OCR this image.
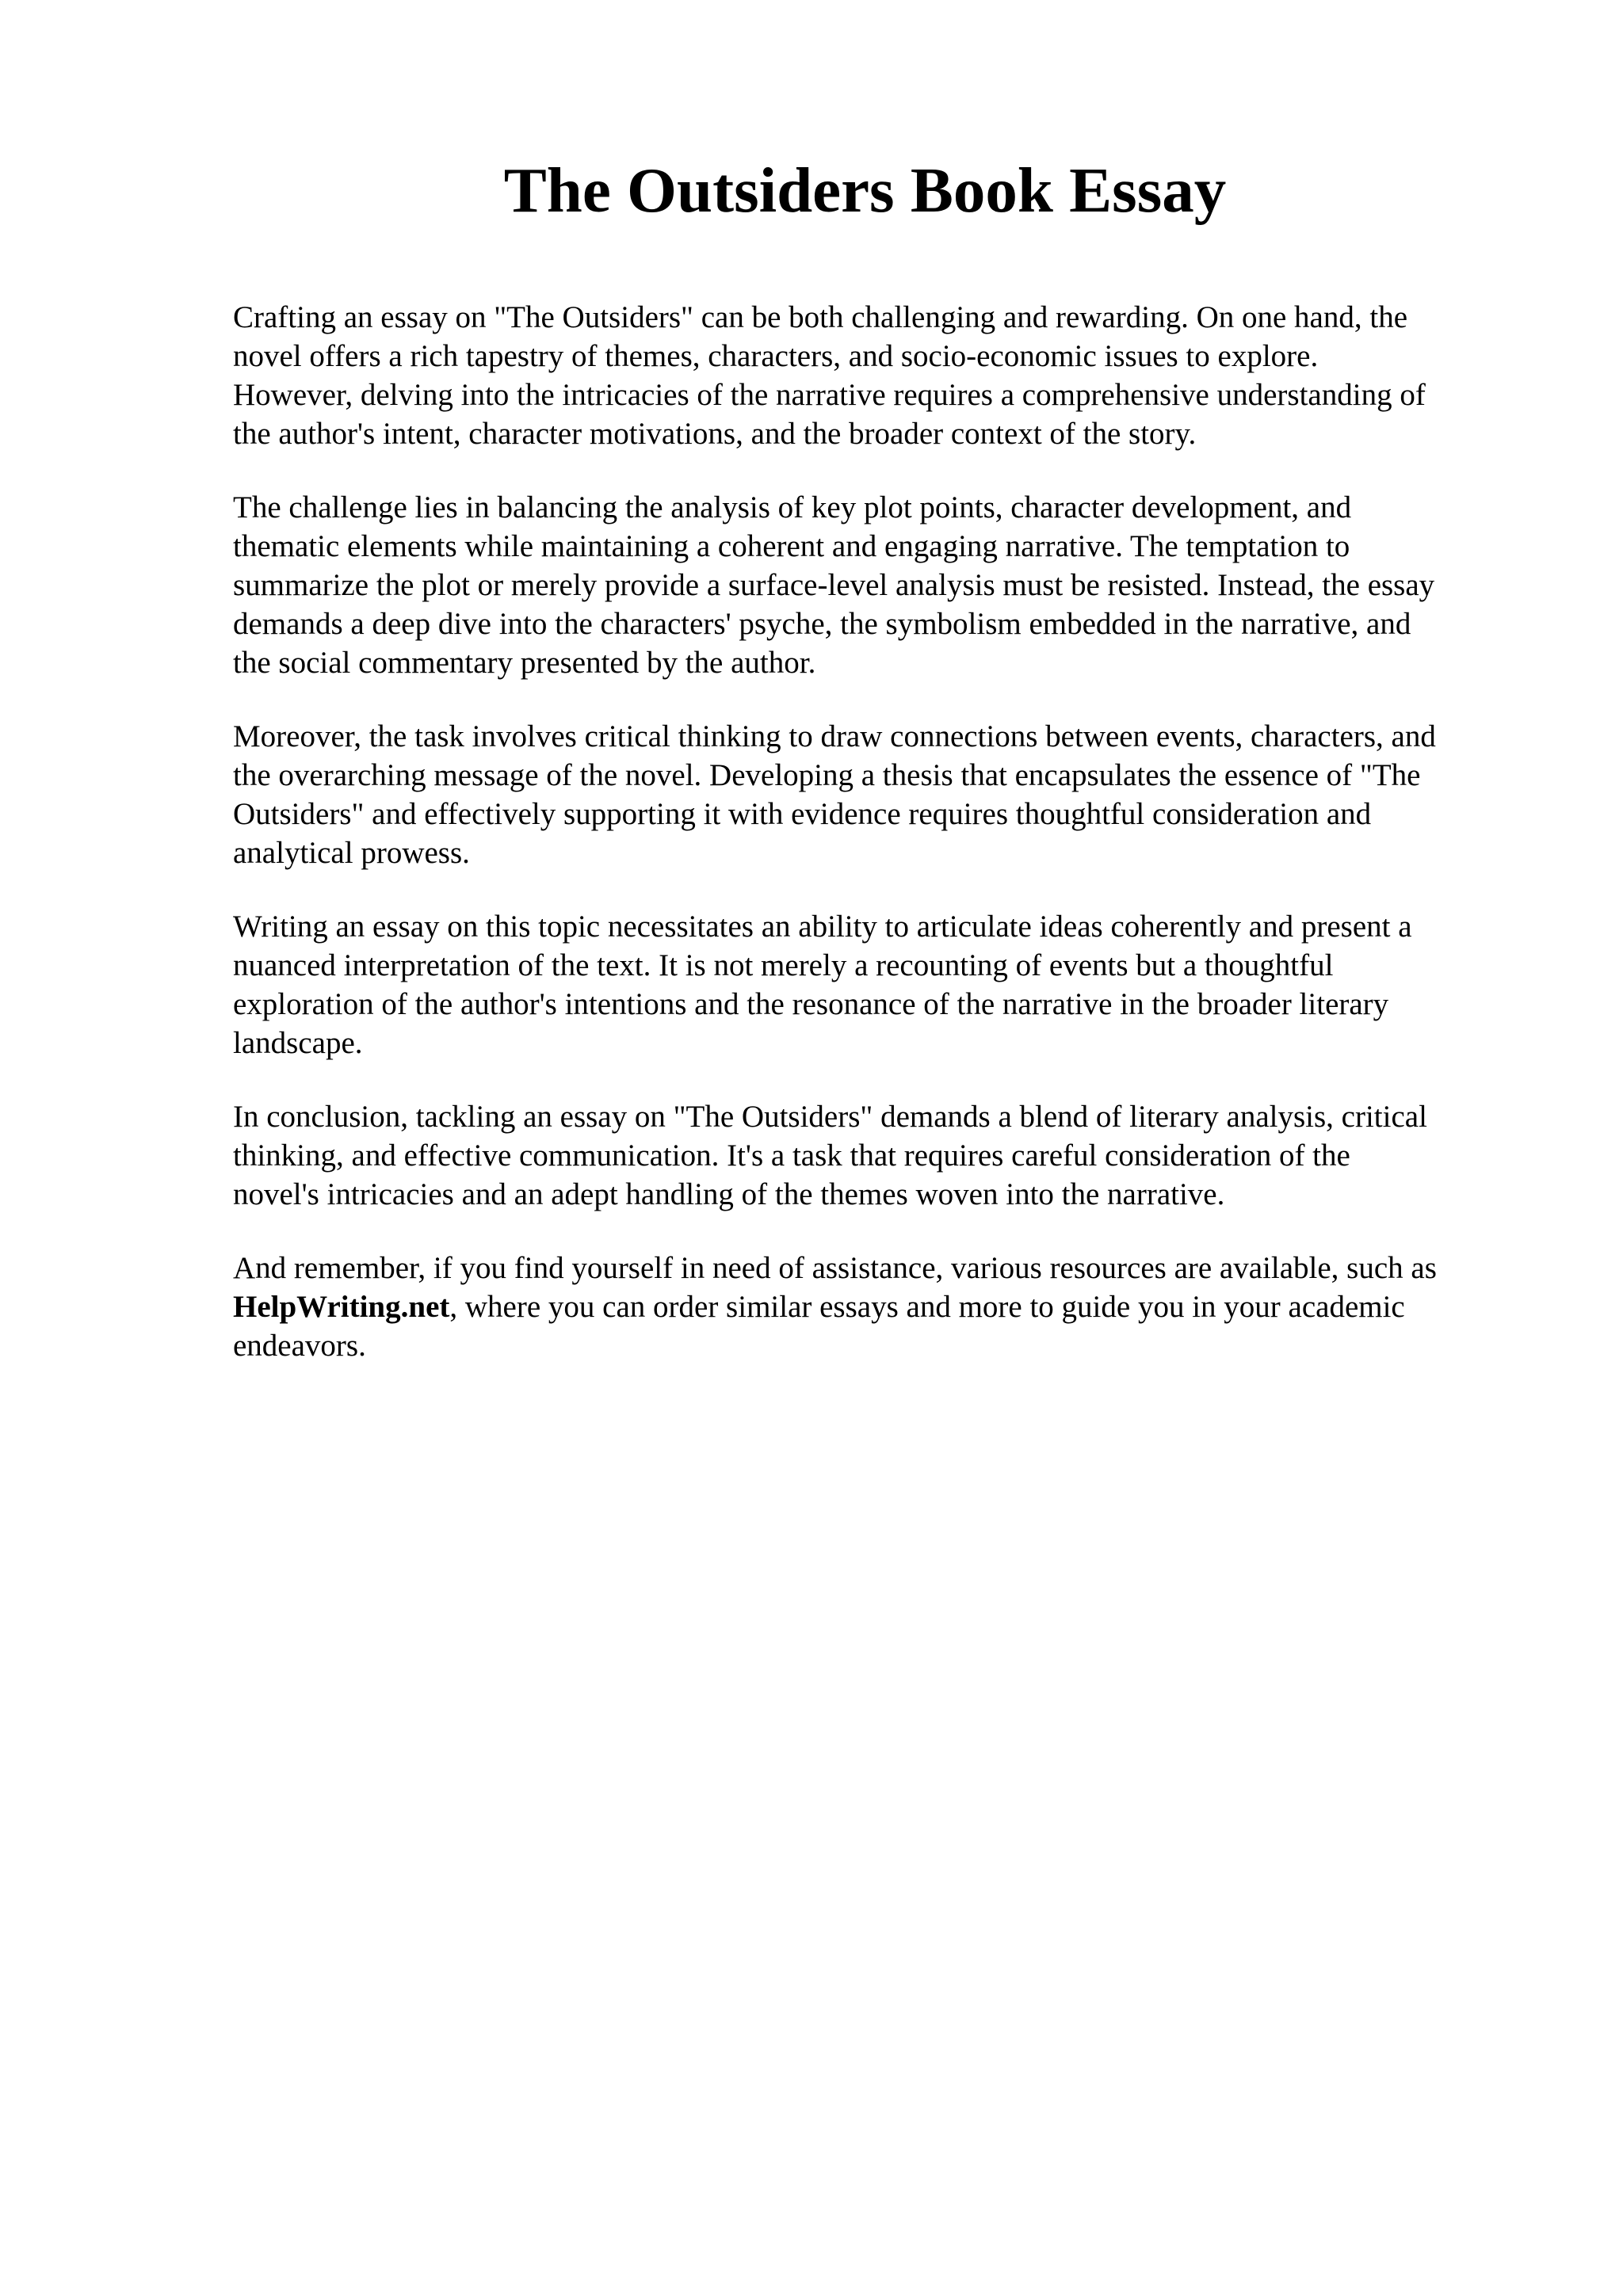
The Outsiders Book Essay

Crafting an essay on "The Outsiders" can be both challenging and rewarding. On one hand, the
novel offers a rich tapestry of themes, characters, and socio-economic issues to explore.
However, delving into the intricacies of the narrative requires a comprehensive understanding of
the author's intent, character motivations, and the broader context of the story.

The challenge lies in balancing the analysis of key plot points, character development, and
thematic elements while maintaining a coherent and engaging narrative. The temptation to
summarize the plot or merely provide a surface-level analysis must be resisted. Instead, the essay
demands a deep dive into the characters' psyche, the symbolism embedded in the narrative, and
the social commentary presented by the author.

Moreover, the task involves critical thinking to draw connections between events, characters, and
the overarching message of the novel. Developing a thesis that encapsulates the essence of "The
Outsiders" and effectively supporting it with evidence requires thoughtful consideration and
analytical prowess.

Writing an essay on this topic necessitates an ability to articulate ideas coherently and present a
nuanced interpretation of the text. It is not merely a recounting of events but a thoughtful
exploration of the author's intentions and the resonance of the narrative in the broader literary
landscape.

In conclusion, tackling an essay on "The Outsiders" demands a blend of literary analysis, critical
thinking, and effective communication. It's a task that requires careful consideration of the
novel's intricacies and an adept handling of the themes woven into the narrative.

And remember, if you find yourself in need of assistance, various resources are available, such as
HelpWriting.net, where you can order similar essays and more to guide you in your academic
endeavors.
